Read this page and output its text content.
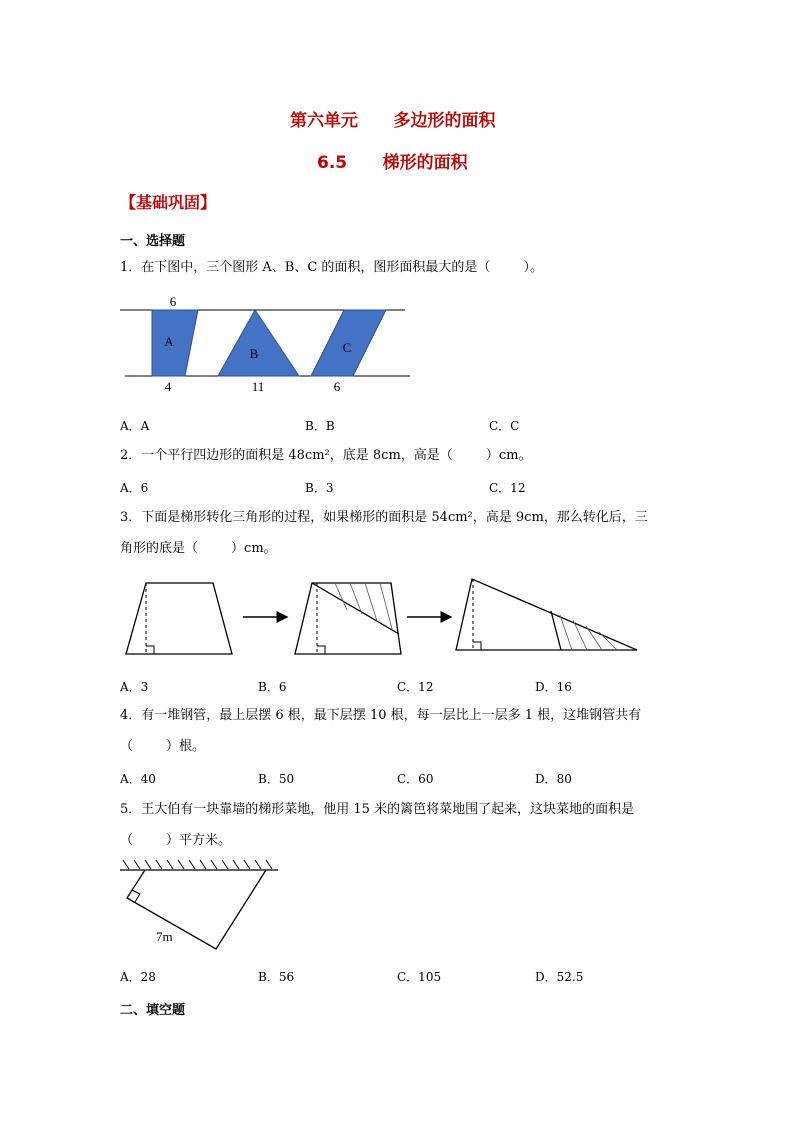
第六单元      多边形的面积
6.5      梯形的面积
【基础巩固】
一、选择题
1．在下图中，三个图形 A、B、C 的面积，图形面积最大的是（        ）。
6
A
B	C
4	11	6
A．A	B．B	C．C
2．一个平行四边形的面积是 48cm²，底是 8cm，高是（        ）cm。
A．6	B．3	C．12
3．下面是梯形转化三角形的过程，如果梯形的面积是 54cm²，高是 9cm，那么转化后，三
角形的底是（        ）cm。
A．3	B．6	C．12	D．16
4．有一堆钢管，最上层摆 6 根，最下层摆 10 根，每一层比上一层多 1 根，这堆钢管共有
（        ）根。
A．40	B．50	C．60	D．80
5．王大伯有一块靠墙的梯形菜地，他用 15 米的篱笆将菜地围了起来，这块菜地的面积是
（        ）平方米。
7m
A．28	B．56	C．105	D．52.5
二、填空题
